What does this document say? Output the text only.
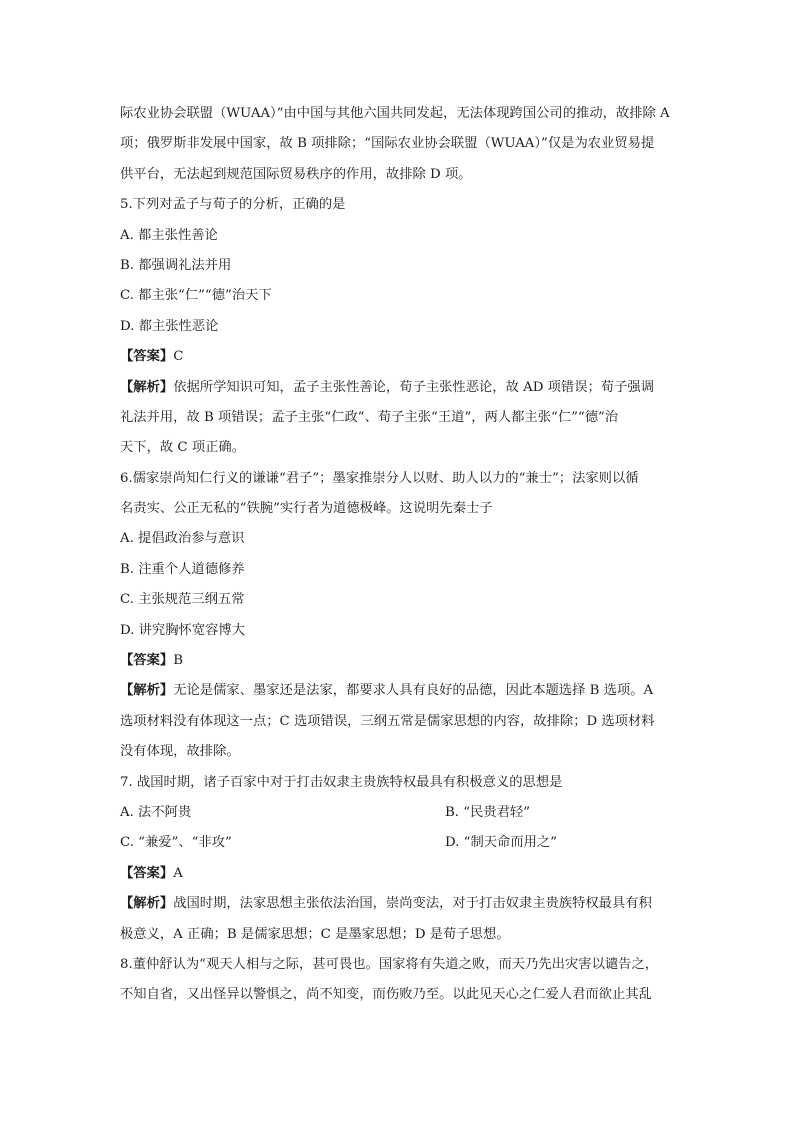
际农业协会联盟（WUAA）”由中国与其他六国共同发起，无法体现跨国公司的推动，故排除 A
项；俄罗斯非发展中国家，故 B 项排除；“国际农业协会联盟（WUAA）”仅是为农业贸易提
供平台，无法起到规范国际贸易秩序的作用，故排除 D 项。
5.下列对孟子与荀子的分析，正确的是
A. 都主张性善论
B. 都强调礼法并用
C. 都主张“仁”“德”治天下
D. 都主张性恶论
【答案】C
【解析】依据所学知识可知，孟子主张性善论，荀子主张性恶论，故 AD 项错误；荀子强调
礼法并用，故 B 项错误；孟子主张“仁政”、荀子主张“王道”，两人都主张“仁”“德”治
天下，故 C 项正确。
6.儒家崇尚知仁行义的谦谦“君子”；墨家推崇分人以财、助人以力的“兼士”；法家则以循
名责实、公正无私的“铁腕”实行者为道德极峰。这说明先秦士子
A. 提倡政治参与意识
B. 注重个人道德修养
C. 主张规范三纲五常
D. 讲究胸怀宽容博大
【答案】B
【解析】无论是儒家、墨家还是法家，都要求人具有良好的品德，因此本题选择 B 选项。A
选项材料没有体现这一点；C 选项错误，三纲五常是儒家思想的内容，故排除；D 选项材料
没有体现，故排除。
7. 战国时期，诸子百家中对于打击奴隶主贵族特权最具有积极意义的思想是
A. 法不阿贵	B. “民贵君轻”
C. “兼爱”、“非攻”	D. “制天命而用之”
【答案】A
【解析】战国时期，法家思想主张依法治国，崇尚变法，对于打击奴隶主贵族特权最具有积
极意义，A 正确；B 是儒家思想；C 是墨家思想；D 是荀子思想。
8.董仲舒认为“观天人相与之际，甚可畏也。国家将有失道之败，而天乃先出灾害以谴告之，
不知自省，又出怪异以警惧之，尚不知变，而伤败乃至。以此见天心之仁爱人君而欲止其乱
